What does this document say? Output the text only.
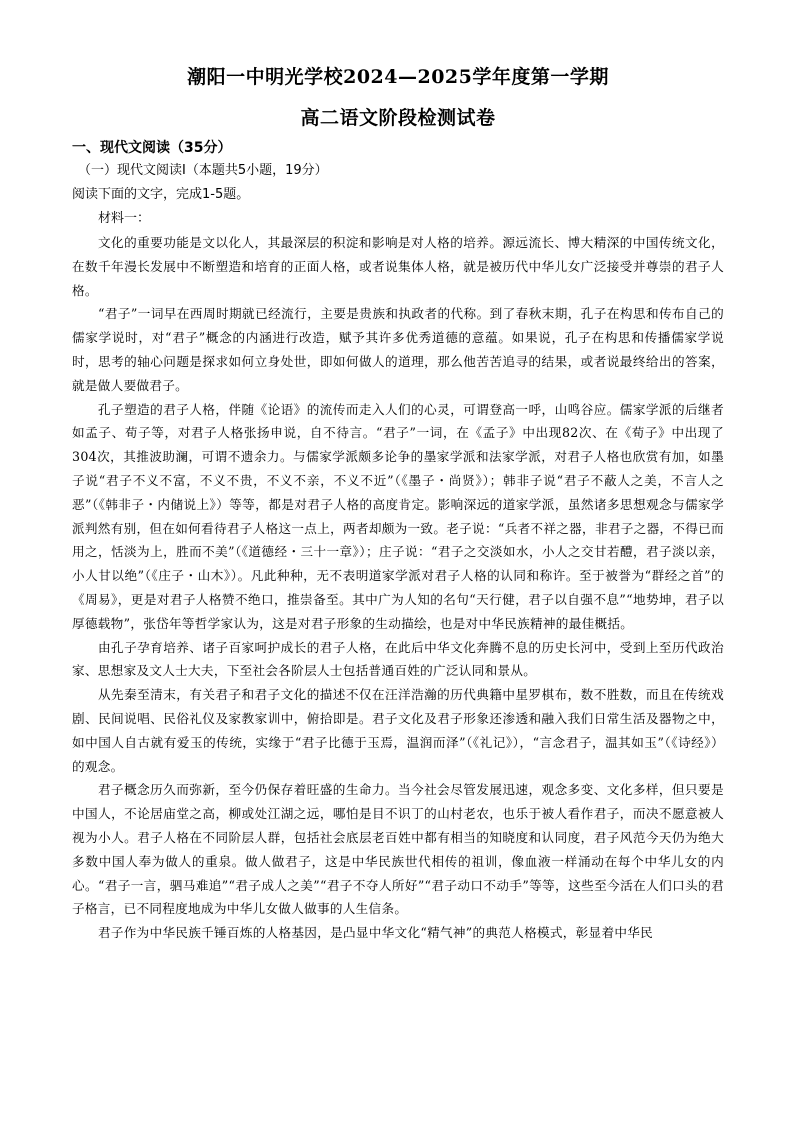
潮阳一中明光学校2024—2025学年度第一学期
高二语文阶段检测试卷
一、现代文阅读（35分）

（一）现代文阅读Ⅰ（本题共5小题，19分）

阅读下面的文字，完成1-5题。

材料一：

文化的重要功能是文以化人，其最深层的积淀和影响是对人格的培养。源远流长、博大精深的中国传统文化，在数千年漫长发展中不断塑造和培育的正面人格，或者说集体人格，就是被历代中华儿女广泛接受并尊崇的君子人格。

“君子”一词早在西周时期就已经流行，主要是贵族和执政者的代称。到了春秋末期，孔子在构思和传布自己的儒家学说时，对“君子”概念的内涵进行改造，赋予其许多优秀道德的意蕴。如果说，孔子在构思和传播儒家学说时，思考的轴心问题是探求如何立身处世，即如何做人的道理，那么他苦苦追寻的结果，或者说最终给出的答案，就是做人要做君子。

孔子塑造的君子人格，伴随《论语》的流传而走入人们的心灵，可谓登高一呼，山鸣谷应。儒家学派的后继者如孟子、荀子等，对君子人格张扬申说，自不待言。“君子”一词，在《孟子》中出现82次、在《荀子》中出现了304次，其推波助澜，可谓不遗余力。与儒家学派颇多论争的墨家学派和法家学派，对君子人格也欣赏有加，如墨子说“君子不义不富，不义不贵，不义不亲，不义不近”（《墨子・尚贤》）；韩非子说“君子不蔽人之美，不言人之恶”（《韩非子・内储说上》）等等，都是对君子人格的高度肯定。影响深远的道家学派，虽然诸多思想观念与儒家学派判然有别，但在如何看待君子人格这一点上，两者却颇为一致。老子说：“兵者不祥之器，非君子之器，不得已而用之，恬淡为上，胜而不美”（《道德经・三十一章》）；庄子说：“君子之交淡如水，小人之交甘若醴，君子淡以亲，小人甘以绝”（《庄子・山木》）。凡此种种，无不表明道家学派对君子人格的认同和称许。至于被誉为“群经之首”的《周易》，更是对君子人格赞不绝口，推崇备至。其中广为人知的名句“天行健，君子以自强不息”“地势坤，君子以厚德载物”，张岱年等哲学家认为，这是对君子形象的生动描绘，也是对中华民族精神的最佳概括。

由孔子孕育培养、诸子百家呵护成长的君子人格，在此后中华文化奔腾不息的历史长河中，受到上至历代政治家、思想家及文人士大夫，下至社会各阶层人士包括普通百姓的广泛认同和景从。

从先秦至清末，有关君子和君子文化的描述不仅在汪洋浩瀚的历代典籍中星罗棋布，数不胜数，而且在传统戏剧、民间说唱、民俗礼仪及家教家训中，俯拾即是。君子文化及君子形象还渗透和融入我们日常生活及器物之中，如中国人自古就有爱玉的传统，实缘于“君子比德于玉焉，温润而泽”（《礼记》），“言念君子，温其如玉”（《诗经》）的观念。

君子概念历久而弥新，至今仍保存着旺盛的生命力。当今社会尽管发展迅速，观念多变、文化多样，但只要是中国人，不论居庙堂之高，柳或处江湖之远，哪怕是目不识丁的山村老农，也乐于被人看作君子，而决不愿意被人视为小人。君子人格在不同阶层人群，包括社会底层老百姓中都有相当的知晓度和认同度，君子风范今天仍为绝大多数中国人奉为做人的重泉。做人做君子，这是中华民族世代相传的祖训，像血液一样涌动在每个中华儿女的内心。“君子一言，驷马难追”“君子成人之美”“君子不夺人所好”“君子动口不动手”等等，这些至今活在人们口头的君子格言，已不同程度地成为中华儿女做人做事的人生信条。

君子作为中华民族千锤百炼的人格基因，是凸显中华文化“精气神”的典范人格模式，彰显着中华民
